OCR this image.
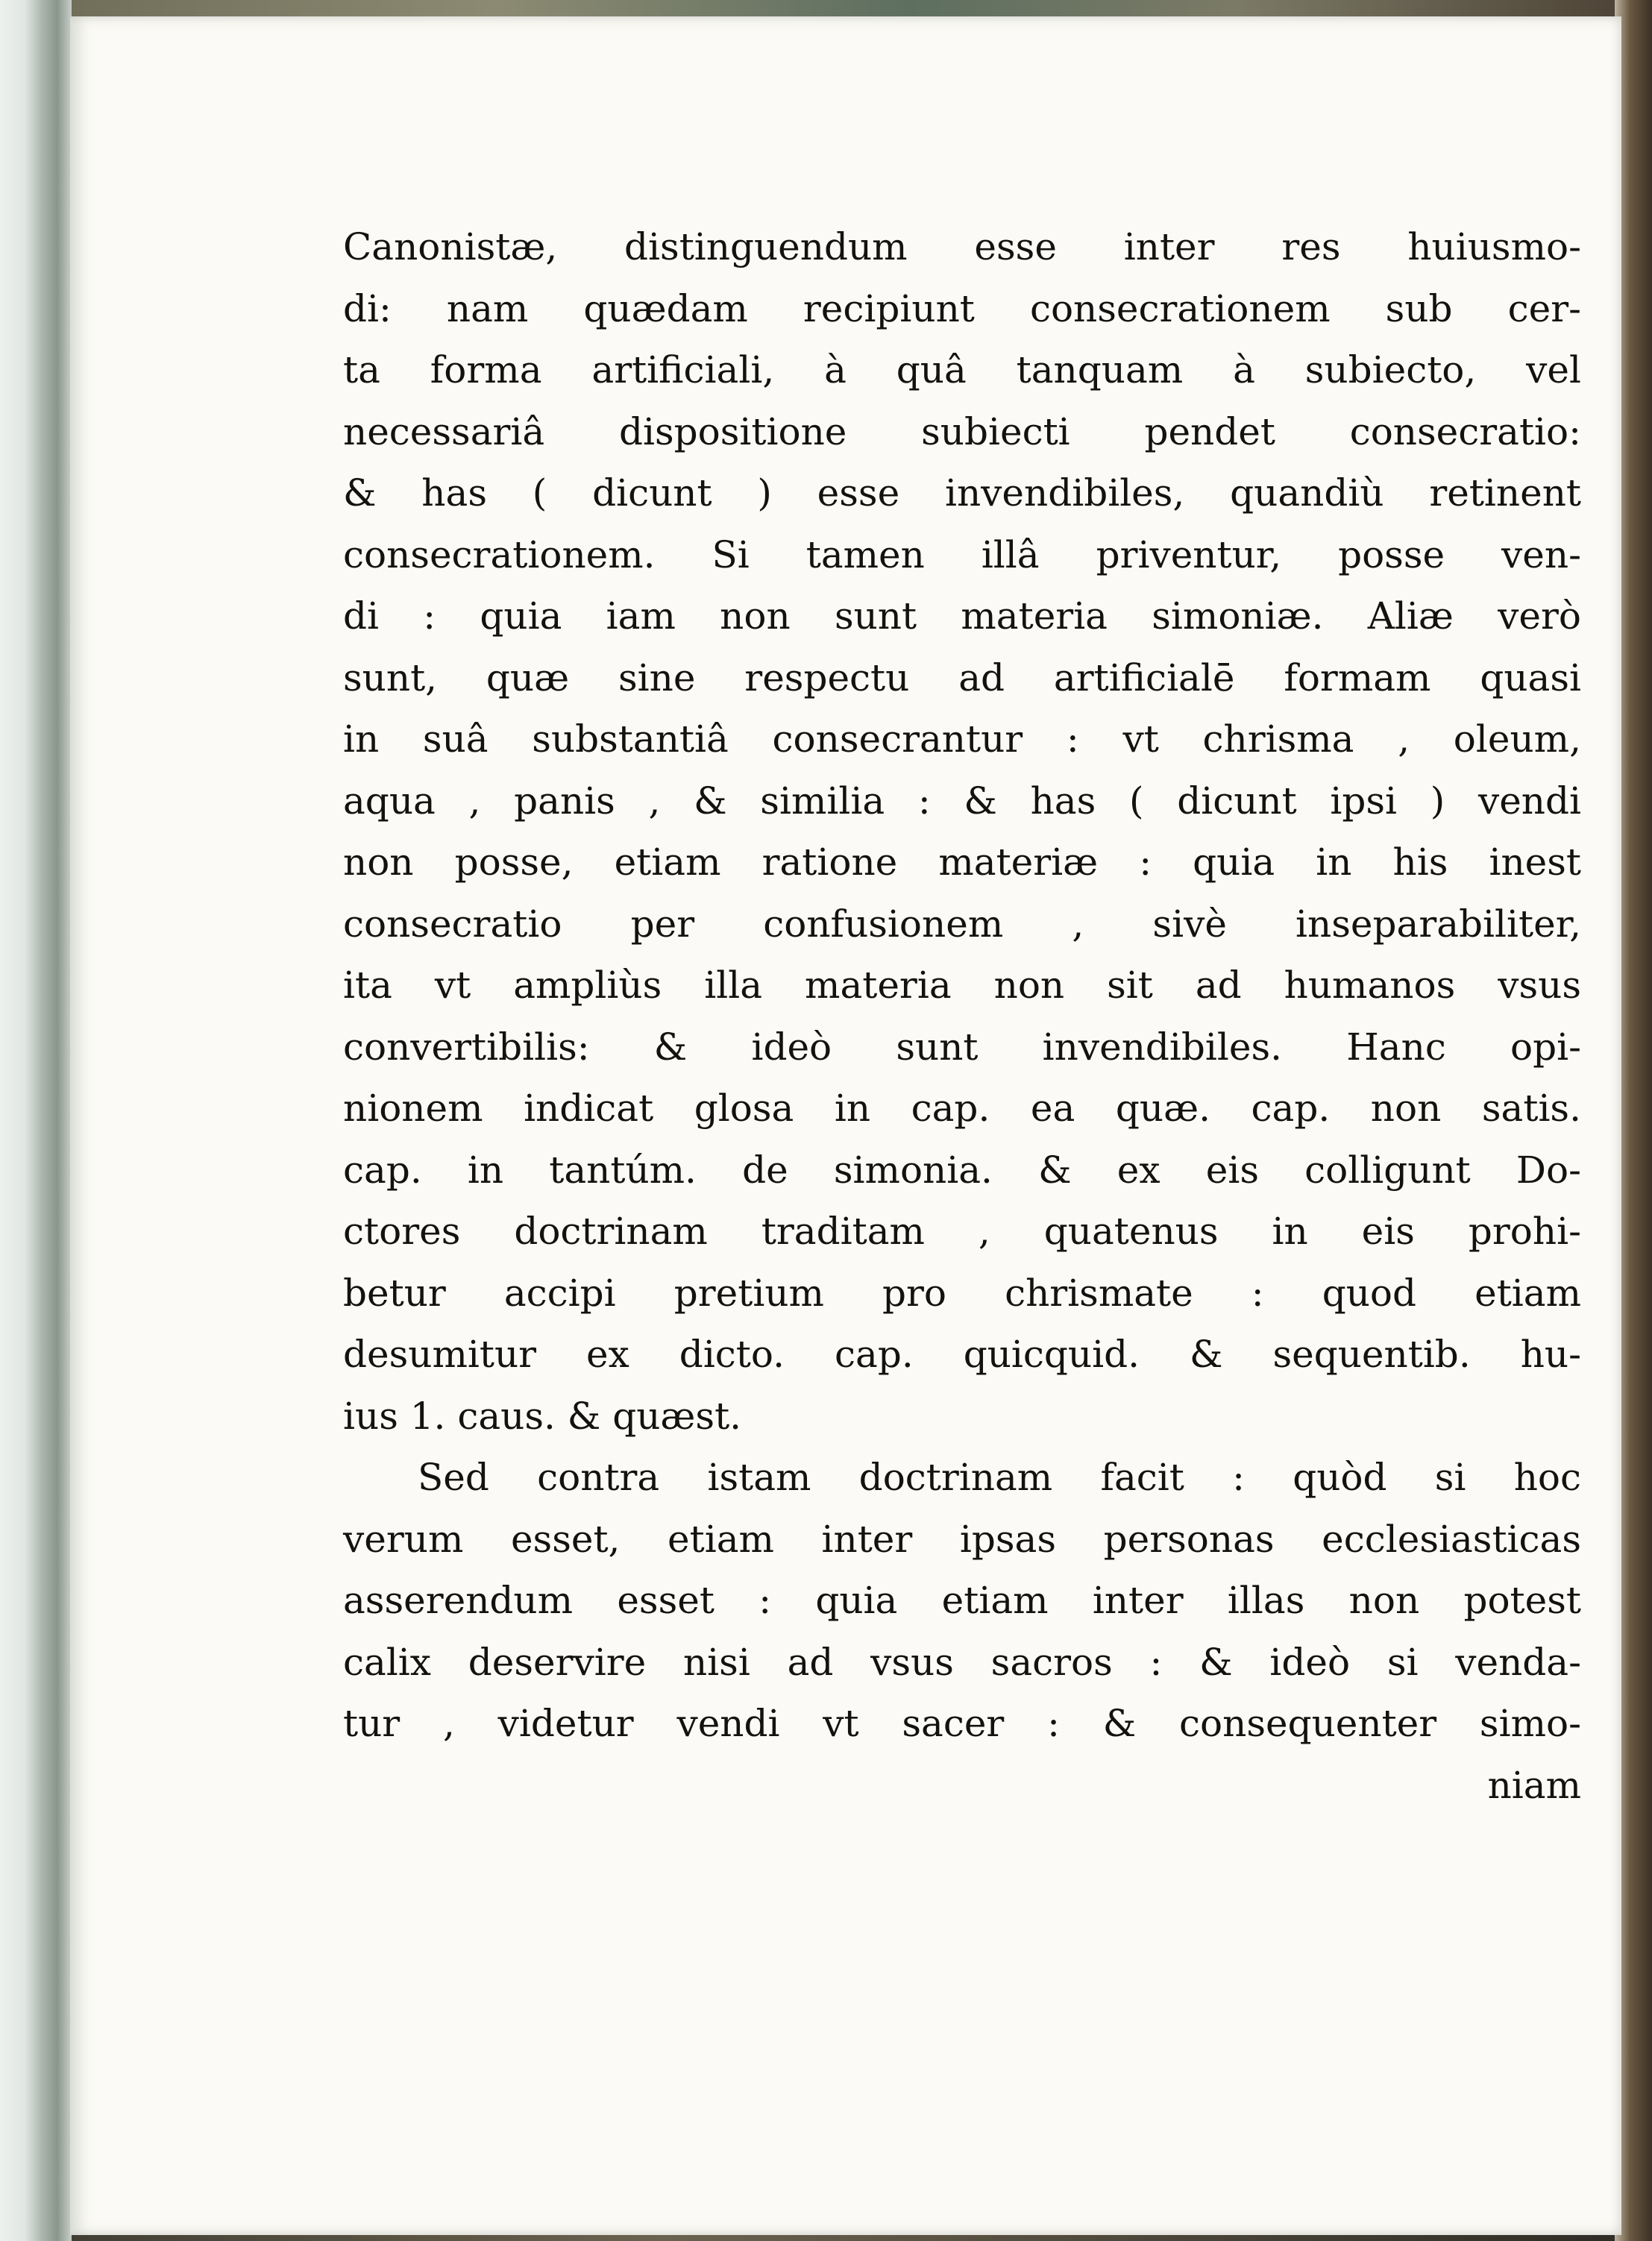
Canonistæ, distinguendum esse inter res huiusmo-
di: nam quædam recipiunt consecrationem sub cer-
ta forma artificiali, à quâ tanquam à subiecto, vel
necessariâ dispositione subiecti pendet consecratio:
& has ( dicunt ) esse invendibiles, quandiù retinent
consecrationem. Si tamen illâ priventur, posse ven-
di : quia iam non sunt materia simoniæ. Aliæ verò
sunt, quæ sine respectu ad artificialē formam quasi
in suâ substantiâ consecrantur : vt chrisma , oleum,
aqua , panis , & similia : & has ( dicunt ipsi ) vendi
non posse, etiam ratione materiæ : quia in his inest
consecratio per confusionem , sivè inseparabiliter,
ita vt ampliùs illa materia non sit ad humanos vsus
convertibilis: & ideò sunt invendibiles. Hanc opi-
nionem indicat glosa in cap. ea quæ. cap. non satis.
cap. in tantúm. de simonia. & ex eis colligunt Do-
ctores doctrinam traditam , quatenus in eis prohi-
betur accipi pretium pro chrismate : quod etiam
desumitur ex dicto. cap. quicquid. & sequentib. hu-
ius 1. caus. & quæst.
Sed contra istam doctrinam facit : quòd si hoc
verum esset, etiam inter ipsas personas ecclesiasticas
asserendum esset : quia etiam inter illas non potest
calix deservire nisi ad vsus sacros : & ideò si venda-
tur , videtur vendi vt sacer : & consequenter simo-
niam
